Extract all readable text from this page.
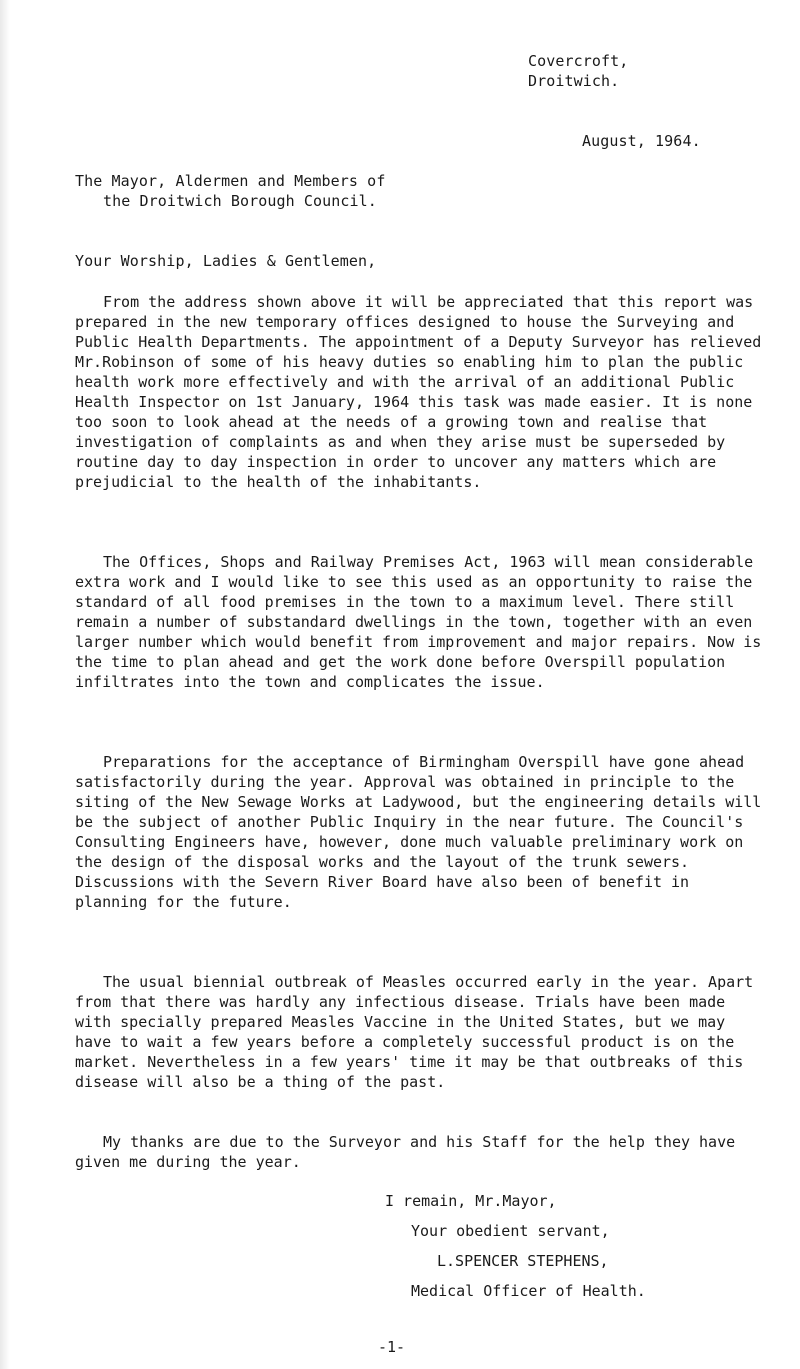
Covercroft,
Droitwich.
August, 1964.
The Mayor, Aldermen and Members of
the Droitwich Borough Council.
Your Worship, Ladies & Gentlemen,

From the address shown above it will be appreciated that this report was prepared in the new temporary offices designed to house the Surveying and Public Health Departments. The appointment of a Deputy Surveyor has relieved Mr.Robinson of some of his heavy duties so enabling him to plan the public health work more effectively and with the arrival of an additional Public Health Inspector on 1st January, 1964 this task was made easier. It is none too soon to look ahead at the needs of a growing town and realise that investigation of complaints as and when they arise must be superseded by routine day to day inspection in order to uncover any matters which are prejudicial to the health of the inhabitants.

The Offices, Shops and Railway Premises Act, 1963 will mean considerable extra work and I would like to see this used as an opportunity to raise the standard of all food premises in the town to a maximum level. There still remain a number of substandard dwellings in the town, together with an even larger number which would benefit from improvement and major repairs. Now is the time to plan ahead and get the work done before Overspill population infiltrates into the town and complicates the issue.

Preparations for the acceptance of Birmingham Overspill have gone ahead satisfactorily during the year. Approval was obtained in principle to the siting of the New Sewage Works at Ladywood, but the engineering details will be the subject of another Public Inquiry in the near future. The Council's Consulting Engineers have, however, done much valuable preliminary work on the design of the disposal works and the layout of the trunk sewers. Discussions with the Severn River Board have also been of benefit in planning for the future.

The usual biennial outbreak of Measles occurred early in the year. Apart from that there was hardly any infectious disease. Trials have been made with specially prepared Measles Vaccine in the United States, but we may have to wait a few years before a completely successful product is on the market. Nevertheless in a few years' time it may be that outbreaks of this disease will also be a thing of the past.

My thanks are due to the Surveyor and his Staff for the help they have given me during the year.

I remain, Mr.Mayor,
Your obedient servant,
L.SPENCER STEPHENS,
Medical Officer of Health.
-1-
